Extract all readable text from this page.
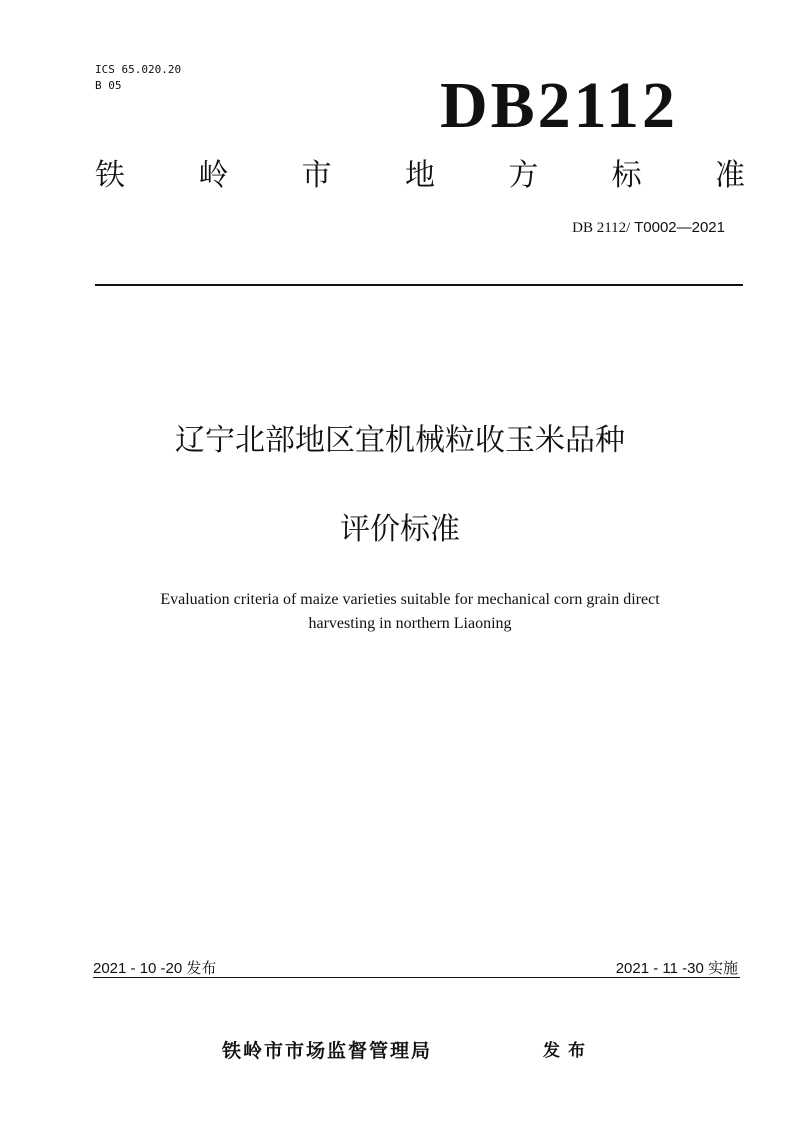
ICS 65.020.20
B 05	DB2112
铁 岭 市 地 方 标 准
DB 2112/ T0002—2021
辽宁北部地区宜机械粒收玉米品种
评价标准
Evaluation criteria of maize varieties suitable for mechanical corn grain direct
harvesting in northern Liaoning
2021 - 10 -20 发布	2021 - 11 -30 实施
铁岭市市场监督管理局	发布
